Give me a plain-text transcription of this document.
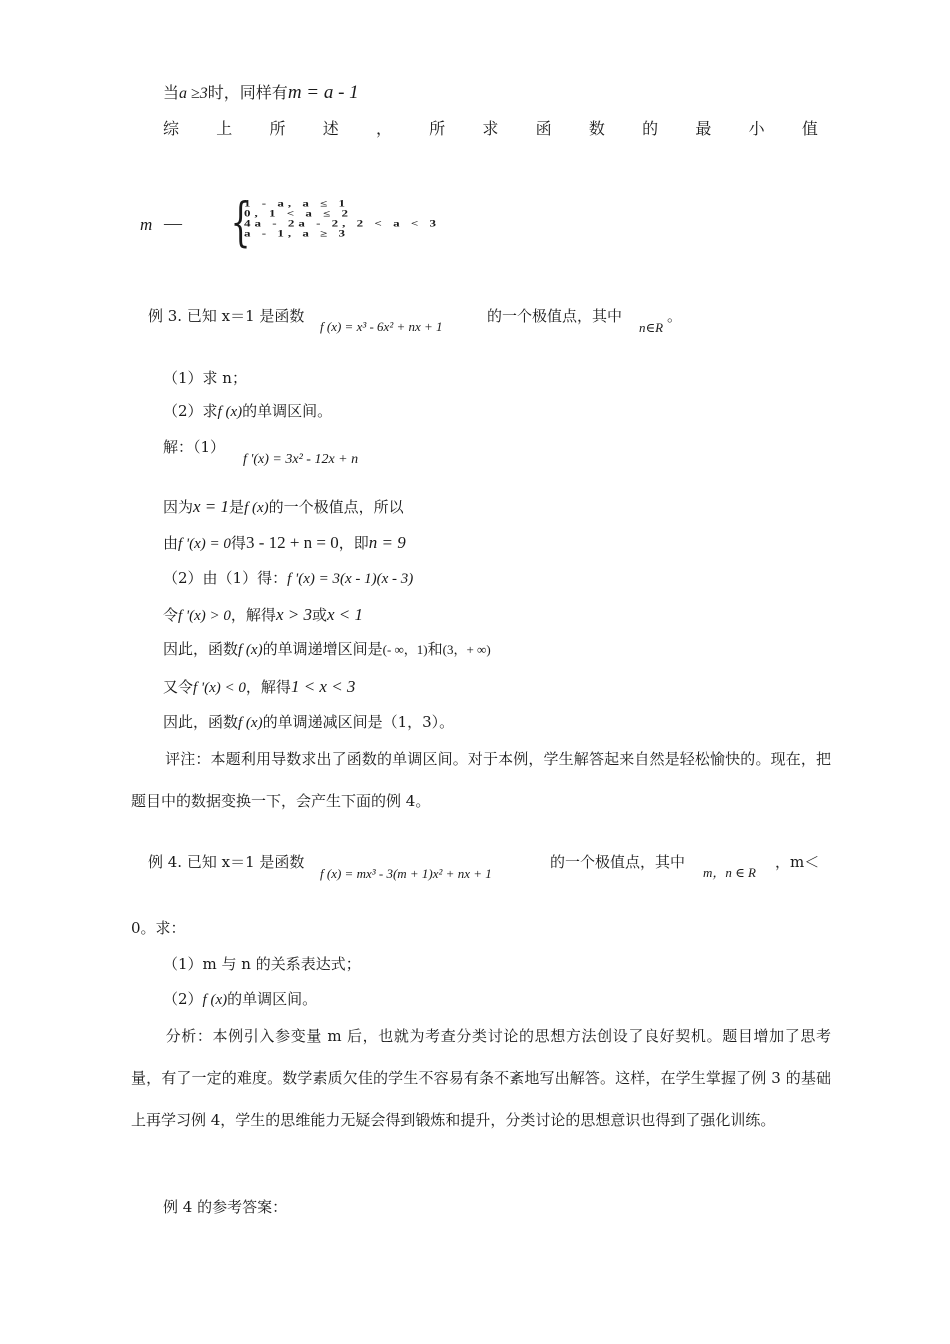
当a ≥3时，同样有m = a - 1
综 上 所 述 ， 所 求 函 数 的 最 小 值
m — {
1 - a, a ≤ 1
0, 1 < a ≤ 2
4a - 2a - 2, 2 < a < 3
a - 1, a ≥ 3
例 3. 已知 x＝1 是函数
f (x) = x³ - 6x² + nx + 1
的一个极值点，其中
n∈R
。
（1）求 n；
（2）求f (x)的单调区间。
解：（1）
f '(x) = 3x² - 12x + n
因为x = 1是f (x)的一个极值点，所以
由f '(x) = 0得3 - 12 + n = 0，即n = 9
（2）由（1）得：f '(x) = 3(x - 1)(x - 3)
令f '(x) > 0，解得x > 3或x < 1
因此，函数f (x)的单调递增区间是(- ∞，1)和(3，+ ∞)
又令f '(x) < 0，解得1 < x < 3
因此，函数f (x)的单调递减区间是（1，3）。
评注：本题利用导数求出了函数的单调区间。对于本例，学生解答起来自然是轻松愉快的。现在，把题目中的数据变换一下，会产生下面的例 4。
例 4. 已知 x＝1 是函数
f (x) = mx³ - 3(m + 1)x² + nx + 1
的一个极值点，其中
m，n ∈ R
，m＜
0。求：
（1）m 与 n 的关系表达式；
（2）f (x)的单调区间。
分析：本例引入参变量 m 后，也就为考查分类讨论的思想方法创设了良好契机。题目增加了思考量，有了一定的难度。数学素质欠佳的学生不容易有条不紊地写出解答。这样，在学生掌握了例 3 的基础上再学习例 4，学生的思维能力无疑会得到锻炼和提升，分类讨论的思想意识也得到了强化训练。
例 4 的参考答案：
